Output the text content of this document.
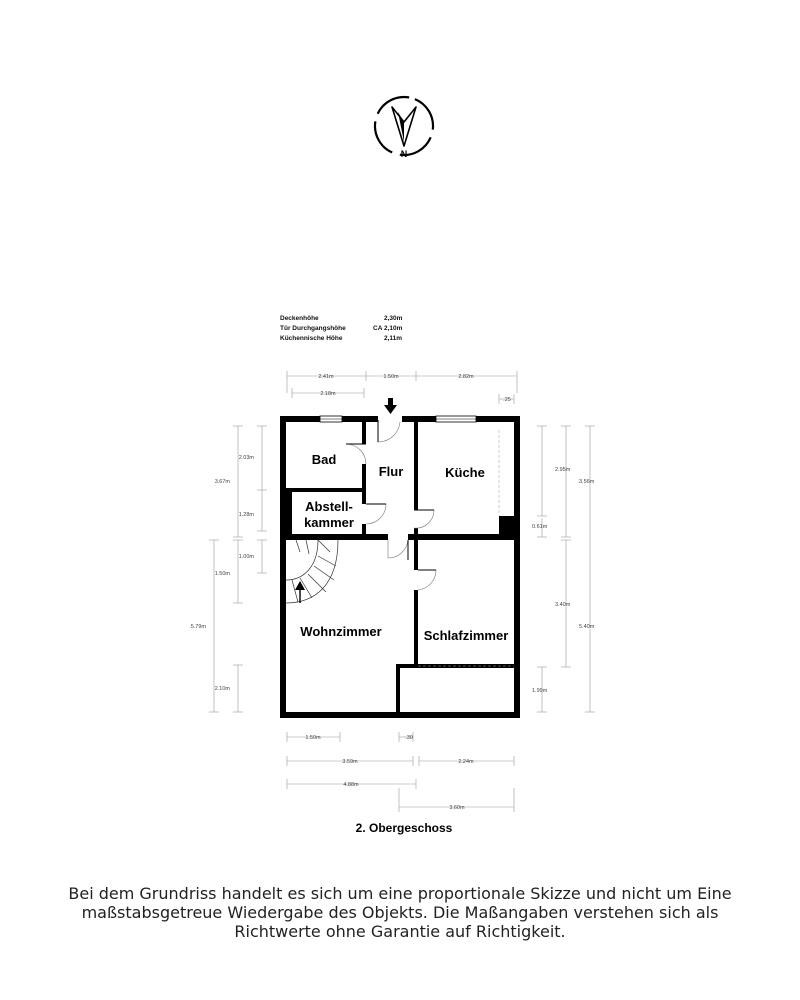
N
Deckenhöhe	2,30m
Tür Durchgangshöhe	CA 2,10m
Küchennische Höhe	2,11m
2.41m	1.50m	2.82m
2.18m
.25
2.03m
3.67m
1.28m
1.00m
1.50m
5.79m
2.10m
2.95m
3.56m
0.61m
3.40m
5.40m
1.99m
1.50m	.30
3.59m	2.24m
4.88m
3.60m
Bad
Flur	Küche
Abstell-
kammer
Wohnzimmer	Schlafzimmer
2. Obergeschoss
Bei dem Grundriss handelt es sich um eine proportionale Skizze und nicht um Eine
maßstabsgetreue Wiedergabe des Objekts. Die Maßangaben verstehen sich als
Richtwerte ohne Garantie auf Richtigkeit.
